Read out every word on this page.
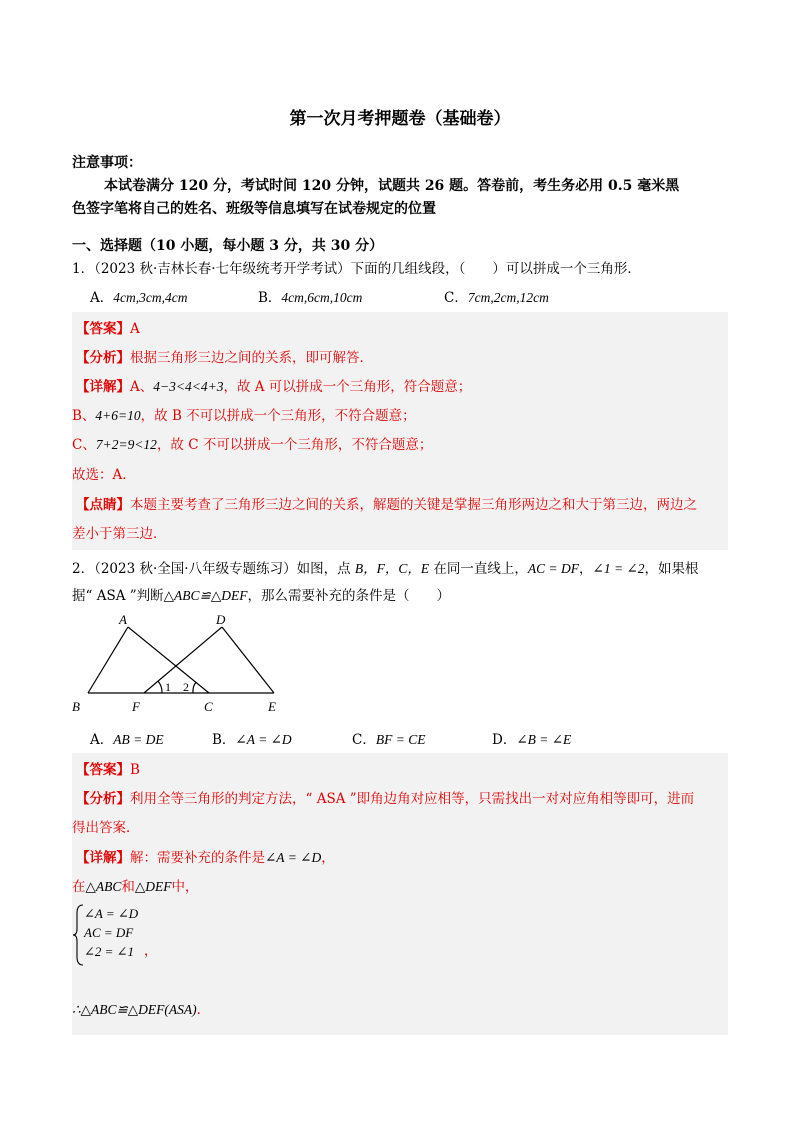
第一次月考押题卷（基础卷）
注意事项：
本试卷满分 120 分，考试时间 120 分钟，试题共 26 题。答卷前，考生务必用 0.5 毫米黑
色签字笔将自己的姓名、班级等信息填写在试卷规定的位置
一、选择题（10 小题，每小题 3 分，共 30 分）
1．（2023 秋·吉林长春·七年级统考开学考试）下面的几组线段，（　　）可以拼成一个三角形．
A．4cm,3cm,4cm	B．4cm,6cm,10cm	C．7cm,2cm,12cm
【答案】A
【分析】根据三角形三边之间的关系，即可解答．
【详解】A、4−3<4<4+3，故 A 可以拼成一个三角形，符合题意；
B、4+6=10，故 B 不可以拼成一个三角形，不符合题意；
C、7+2=9<12，故 C 不可以拼成一个三角形，不符合题意；
故选：A．
【点睛】本题主要考查了三角形三边之间的关系，解题的关键是掌握三角形两边之和大于第三边，两边之
差小于第三边．
2．（2023 秋·全国·八年级专题练习）如图，点 B，F，C，E 在同一直线上，AC = DF，∠1 = ∠2，如果根
据“ ASA ”判断△ABC≌△DEF，那么需要补充的条件是（　　）
A	D
B	F	C	E
1 2
A．AB = DE	B．∠A = ∠D	C．BF = CE	D．∠B = ∠E
【答案】B
【分析】利用全等三角形的判定方法，“ ASA ”即角边角对应相等，只需找出一对对应角相等即可，进而
得出答案．
【详解】解：需要补充的条件是∠A = ∠D，
在△ABC和△DEF中，
∠A = ∠D
AC = DF
∠2 = ∠1 ，
∴△ABC≌△DEF(ASA)．
